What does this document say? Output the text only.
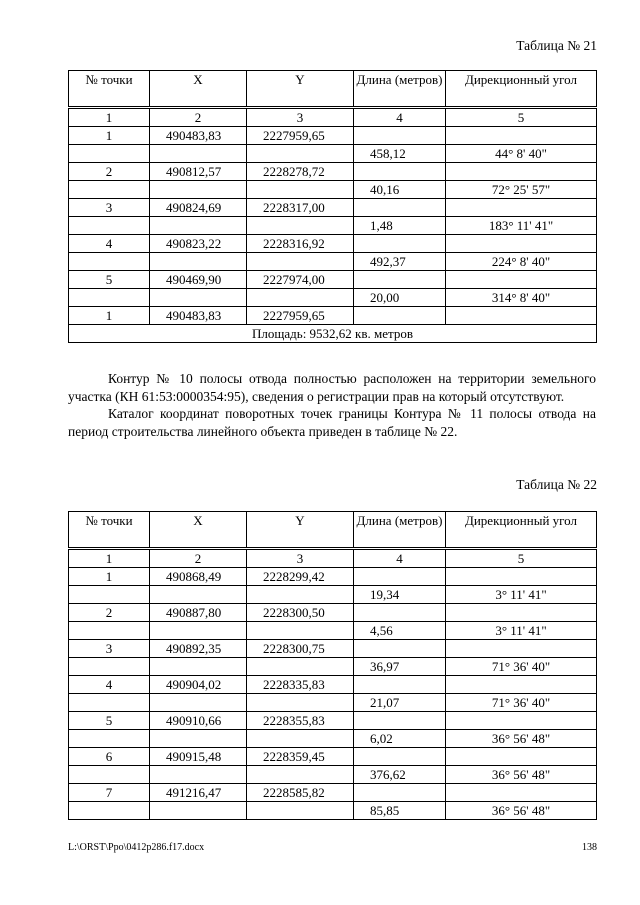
Таблица № 21
№ точки	X	Y	Длина (метров)	Дирекционный угол
1	2	3	4	5
1	490483,83	2227959,65		
			458,12	44° 8' 40"
2	490812,57	2228278,72		
			40,16	72° 25' 57"
3	490824,69	2228317,00		
			1,48	183° 11' 41"
4	490823,22	2228316,92		
			492,37	224° 8' 40"
5	490469,90	2227974,00		
			20,00	314° 8' 40"
1	490483,83	2227959,65		
Площадь: 9532,62 кв. метров				

Контур № 10 полосы отвода полностью расположен на территории земельного участка (КН 61:53:0000354:95), сведения о регистрации прав на который отсутствуют.

Каталог координат поворотных точек границы Контура № 11 полосы отвода на период строительства линейного объекта приведен в таблице № 22.

Таблица № 22
№ точки	X	Y	Длина (метров)	Дирекционный угол
1	2	3	4	5
1	490868,49	2228299,42		
			19,34	3° 11' 41"
2	490887,80	2228300,50		
			4,56	3° 11' 41"
3	490892,35	2228300,75		
			36,97	71° 36' 40"
4	490904,02	2228335,83		
			21,07	71° 36' 40"
5	490910,66	2228355,83		
			6,02	36° 56' 48"
6	490915,48	2228359,45		
			376,62	36° 56' 48"
7	491216,47	2228585,82		
			85,85	36° 56' 48"
L:\ORST\Ppo\0412p286.f17.docx	138
